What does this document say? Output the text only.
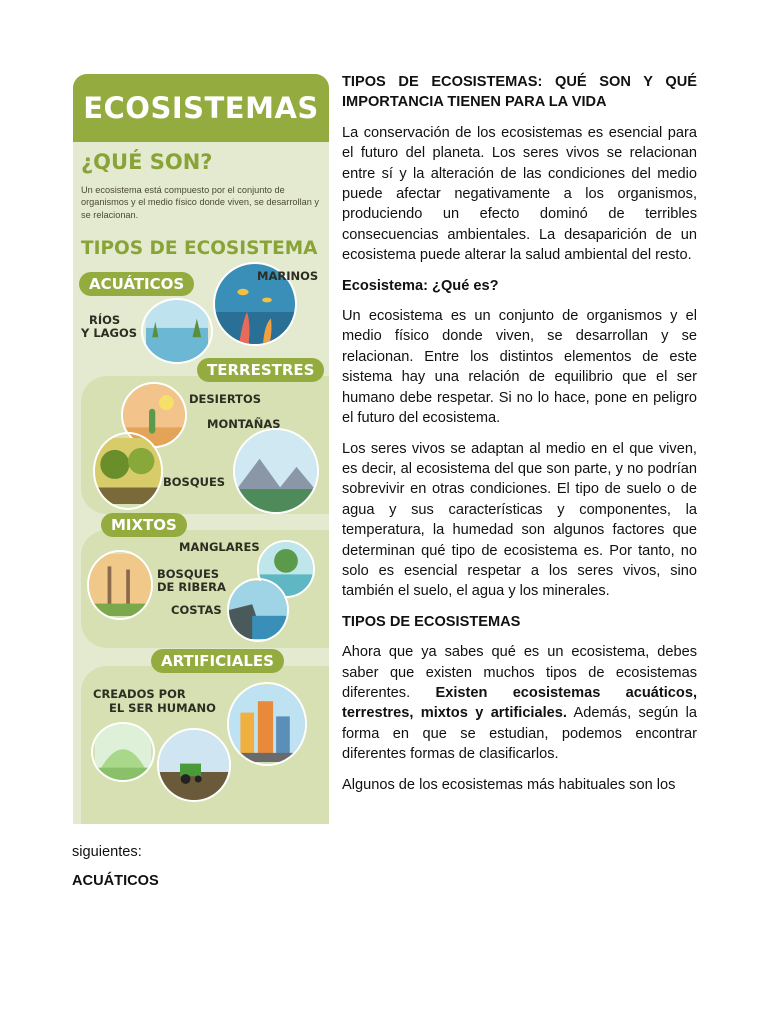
ECOSISTEMAS
¿QUÉ SON?
Un ecosistema está compuesto por el conjunto de organismos y el medio físico donde viven, se desarrollan y se relacionan.
TIPOS DE ECOSISTEMA
ACUÁTICOS	MARINOS
RÍOS
Y LAGOS
TERRESTRES
DESIERTOS
MONTAÑAS
BOSQUES
MIXTOS
MANGLARES
BOSQUES
DE RIBERA
COSTAS
ARTIFICIALES
CREADOS POR
EL SER HUMANO
TIPOS DE ECOSISTEMAS: QUÉ SON Y QUÉ IMPORTANCIA TIENEN PARA LA VIDA

La conservación de los ecosistemas es esencial para el futuro del planeta. Los seres vivos se relacionan entre sí y la alteración de las condiciones del medio puede afectar negativamente a los organismos, produciendo un efecto dominó de terribles consecuencias ambientales. La desaparición de un ecosistema puede alterar la salud ambiental del resto.

Ecosistema: ¿Qué es?

Un ecosistema es un conjunto de organismos y el medio físico donde viven, se desarrollan y se relacionan. Entre los distintos elementos de este sistema hay una relación de equilibrio que el ser humano debe respetar. Si no lo hace, pone en peligro el futuro del ecosistema.

Los seres vivos se adaptan al medio en el que viven, es decir, al ecosistema del que son parte, y no podrían sobrevivir en otras condiciones. El tipo de suelo o de agua y sus características y componentes, la temperatura, la humedad son algunos factores que determinan qué tipo de ecosistema es. Por tanto, no solo es esencial respetar a los seres vivos, sino también el suelo, el agua y los minerales.

TIPOS DE ECOSISTEMAS

Ahora que ya sabes qué es un ecosistema, debes saber que existen muchos tipos de ecosistemas diferentes. Existen ecosistemas acuáticos, terrestres, mixtos y artificiales. Además, según la forma en que se estudian, podemos encontrar diferentes formas de clasificarlos.

Algunos de los ecosistemas más habituales son los

siguientes:
ACUÁTICOS
